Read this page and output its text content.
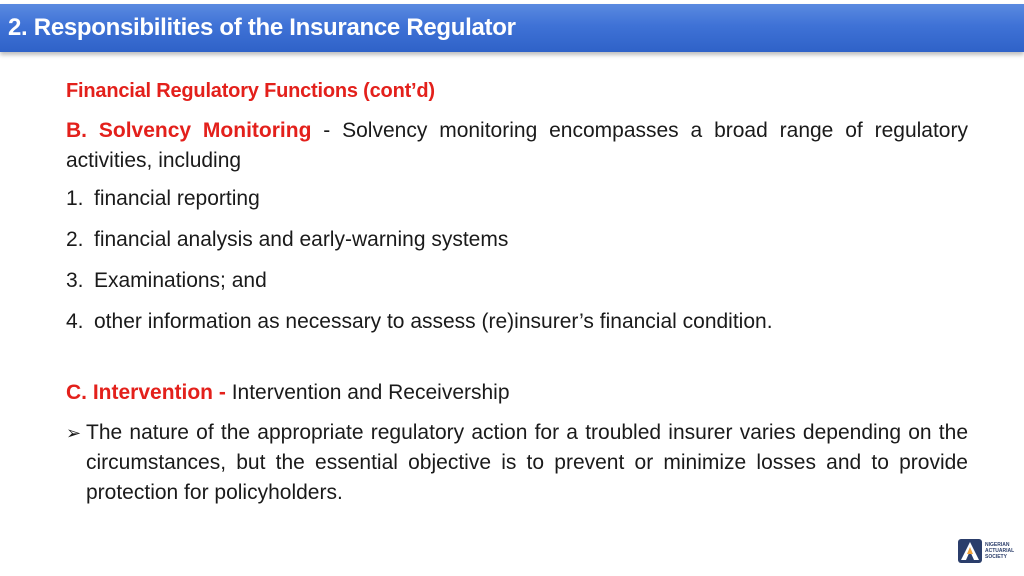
2. Responsibilities of the Insurance Regulator
Financial Regulatory Functions (cont’d)

B. Solvency Monitoring - Solvency monitoring encompasses a broad range of regulatory activities, including

1. financial reporting
2. financial analysis and early-warning systems
3. Examinations; and
4. other information as necessary to assess (re)insurer’s financial condition.

C. Intervention - Intervention and Receivership

➢ The nature of the appropriate regulatory action for a troubled insurer varies depending on the circumstances, but the essential objective is to prevent or minimize losses and to provide protection for policyholders.
NIGERIAN
ACTUARIAL
SOCIETY
